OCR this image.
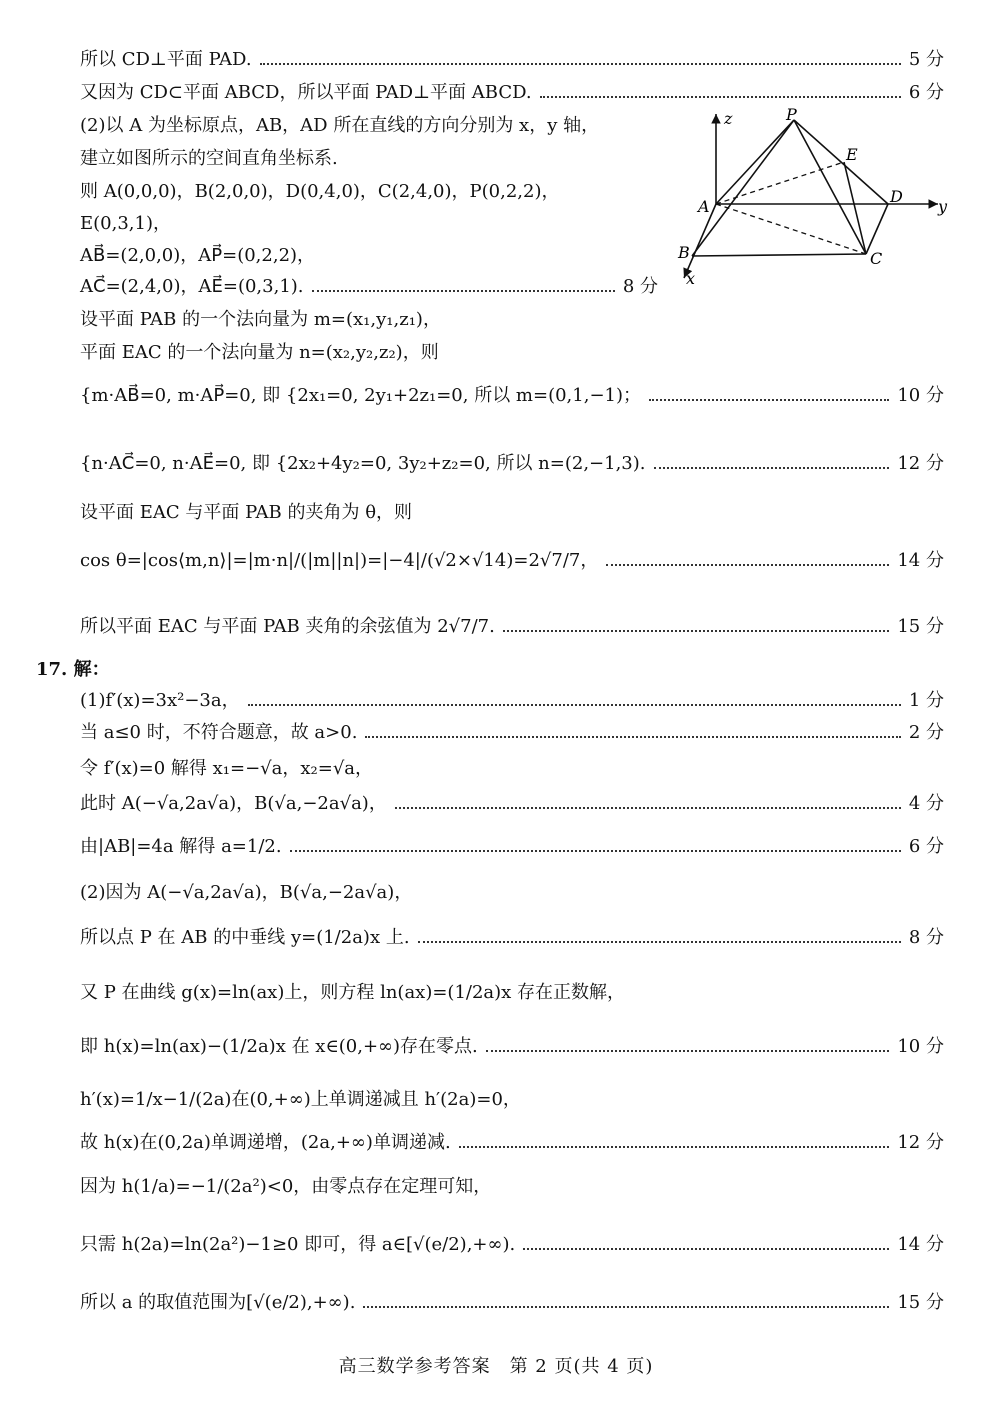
所以 CD⊥平面 PAD.	5 分
又因为 CD⊂平面 ABCD，所以平面 PAD⊥平面 ABCD.	6 分
(2)以 A 为坐标原点，AB，AD 所在直线的方向分别为 x，y 轴，
建立如图所示的空间直角坐标系.
则 A(0,0,0)，B(2,0,0)，D(0,4,0)，C(2,4,0)，P(0,2,2)，
E(0,3,1)，
AB⃗=(2,0,0)，AP⃗=(0,2,2)，
AC⃗=(2,4,0)，AE⃗=(0,3,1).	8 分
设平面 PAB 的一个法向量为 m=(x₁,y₁,z₁)，
平面 EAC 的一个法向量为 n=(x₂,y₂,z₂)，则
{m·AB⃗=0, m·AP⃗=0, 即 {2x₁=0, 2y₁+2z₁=0, 所以 m=(0,1,−1)；	10 分
{n·AC⃗=0, n·AE⃗=0, 即 {2x₂+4y₂=0, 3y₂+z₂=0, 所以 n=(2,−1,3).	12 分
设平面 EAC 与平面 PAB 的夹角为 θ，则
cos θ=|cos⟨m,n⟩|=|m·n|/(|m||n|)=|−4|/(√2×√14)=2√7/7，	14 分
所以平面 EAC 与平面 PAB 夹角的余弦值为 2√7/7.	15 分
17. 解：
(1)f′(x)=3x²−3a，	1 分
当 a≤0 时，不符合题意，故 a>0.	2 分
令 f′(x)=0 解得 x₁=−√a，x₂=√a，
此时 A(−√a,2a√a)，B(√a,−2a√a)，	4 分
由|AB|=4a 解得 a=1/2.	6 分
(2)因为 A(−√a,2a√a)，B(√a,−2a√a)，
所以点 P 在 AB 的中垂线 y=(1/2a)x 上.	8 分
又 P 在曲线 g(x)=ln(ax)上，则方程 ln(ax)=(1/2a)x 存在正数解，
即 h(x)=ln(ax)−(1/2a)x 在 x∈(0,+∞)存在零点.	10 分
h′(x)=1/x−1/(2a)在(0,+∞)上单调递减且 h′(2a)=0，
故 h(x)在(0,2a)单调递增，(2a,+∞)单调递减.	12 分
因为 h(1/a)=−1/(2a²)<0，由零点存在定理可知，
只需 h(2a)=ln(2a²)−1≥0 即可，得 a∈[√(e/2),+∞).	14 分
所以 a 的取值范围为[√(e/2),+∞).	15 分
z
y
x
P
E
A
D
B	C
高三数学参考答案　第 2 页(共 4 页)
